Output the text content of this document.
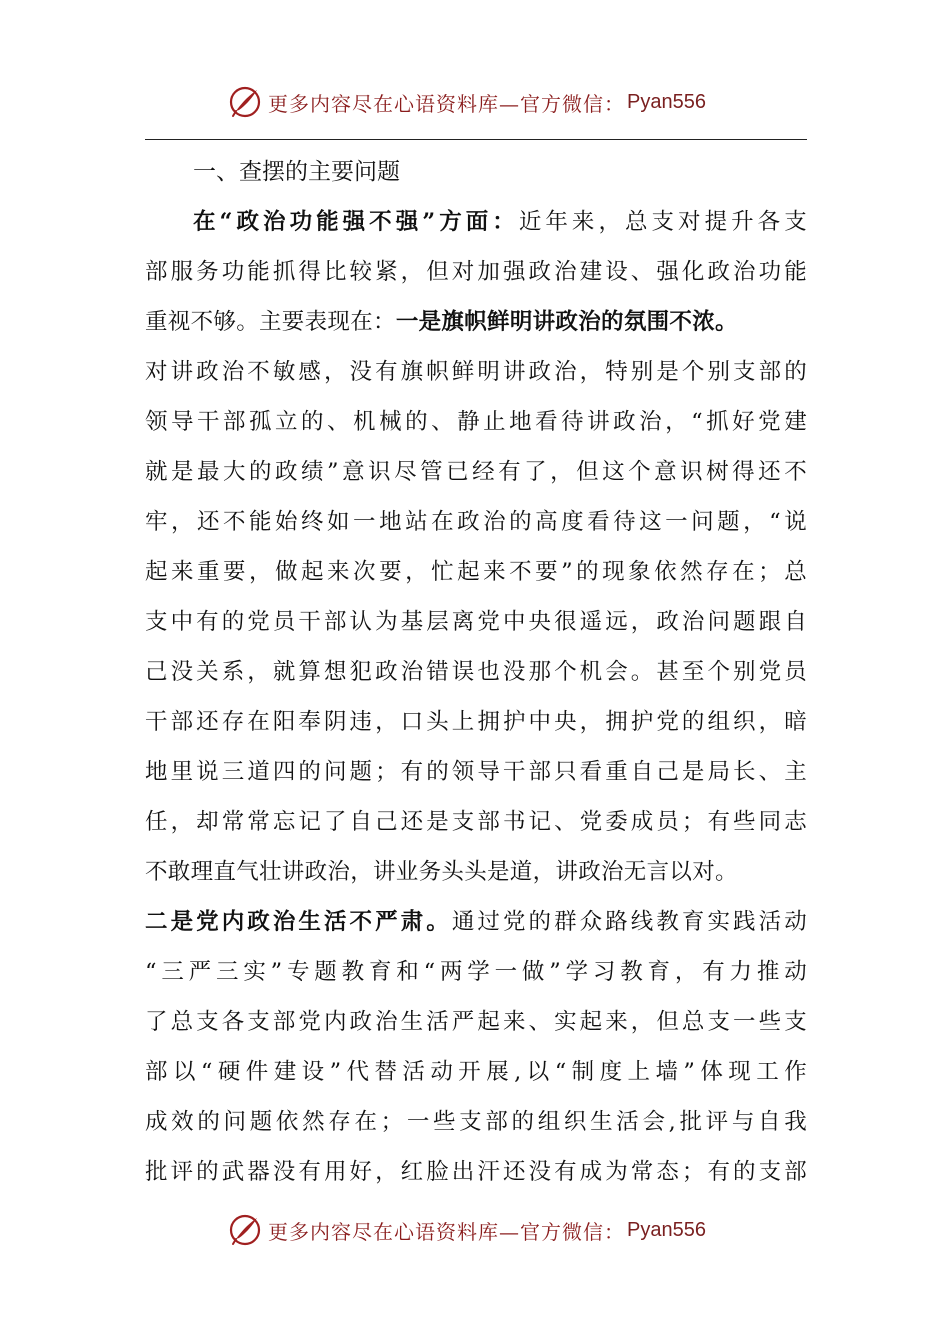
更多内容尽在心语资料库—官方微信： Pyan556
一、查摆的主要问题
在“政治功能强不强”方面：近年来，总支对提升各支
部服务功能抓得比较紧，但对加强政治建设、强化政治功能
重视不够。主要表现在：一是旗帜鲜明讲政治的氛围不浓。
对讲政治不敏感，没有旗帜鲜明讲政治，特别是个别支部的
领导干部孤立的、机械的、静止地看待讲政治，“抓好党建
就是最大的政绩”意识尽管已经有了，但这个意识树得还不
牢，还不能始终如一地站在政治的高度看待这一问题，“说
起来重要，做起来次要，忙起来不要”的现象依然存在；总
支中有的党员干部认为基层离党中央很遥远，政治问题跟自
己没关系，就算想犯政治错误也没那个机会。甚至个别党员
干部还存在阳奉阴违，口头上拥护中央，拥护党的组织，暗
地里说三道四的问题；有的领导干部只看重自己是局长、主
任，却常常忘记了自己还是支部书记、党委成员；有些同志
不敢理直气壮讲政治，讲业务头头是道，讲政治无言以对。
二是党内政治生活不严肃。通过党的群众路线教育实践活动
“三严三实”专题教育和“两学一做”学习教育，有力推动
了总支各支部党内政治生活严起来、实起来，但总支一些支
部以“硬件建设”代替活动开展,以“制度上墙”体现工作
成效的问题依然存在；一些支部的组织生活会,批评与自我
批评的武器没有用好，红脸出汗还没有成为常态；有的支部
更多内容尽在心语资料库—官方微信： Pyan556
